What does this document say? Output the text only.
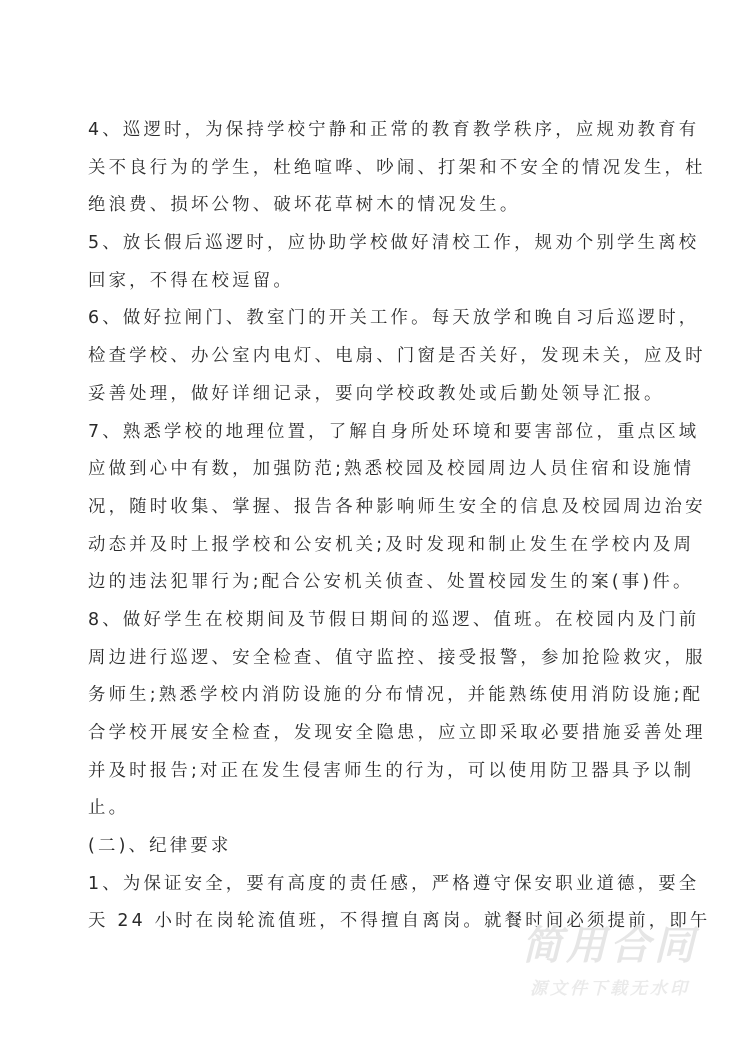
4、巡逻时，为保持学校宁静和正常的教育教学秩序，应规劝教育有
关不良行为的学生，杜绝喧哗、吵闹、打架和不安全的情况发生，杜
绝浪费、损坏公物、破坏花草树木的情况发生。
5、放长假后巡逻时，应协助学校做好清校工作，规劝个别学生离校
回家，不得在校逗留。
6、做好拉闸门、教室门的开关工作。每天放学和晚自习后巡逻时，
检查学校、办公室内电灯、电扇、门窗是否关好，发现未关，应及时
妥善处理，做好详细记录，要向学校政教处或后勤处领导汇报。
7、熟悉学校的地理位置，了解自身所处环境和要害部位，重点区域
应做到心中有数，加强防范;熟悉校园及校园周边人员住宿和设施情
况，随时收集、掌握、报告各种影响师生安全的信息及校园周边治安
动态并及时上报学校和公安机关;及时发现和制止发生在学校内及周
边的违法犯罪行为;配合公安机关侦查、处置校园发生的案(事)件。
8、做好学生在校期间及节假日期间的巡逻、值班。在校园内及门前
周边进行巡逻、安全检查、值守监控、接受报警，参加抢险救灾，服
务师生;熟悉学校内消防设施的分布情况，并能熟练使用消防设施;配
合学校开展安全检查，发现安全隐患，应立即采取必要措施妥善处理
并及时报告;对正在发生侵害师生的行为，可以使用防卫器具予以制
止。
(二)、纪律要求
1、为保证安全，要有高度的责任感，严格遵守保安职业道德，要全
天 24 小时在岗轮流值班，不得擅自离岗。就餐时间必须提前，即午
简用合同
源文件下载无水印
